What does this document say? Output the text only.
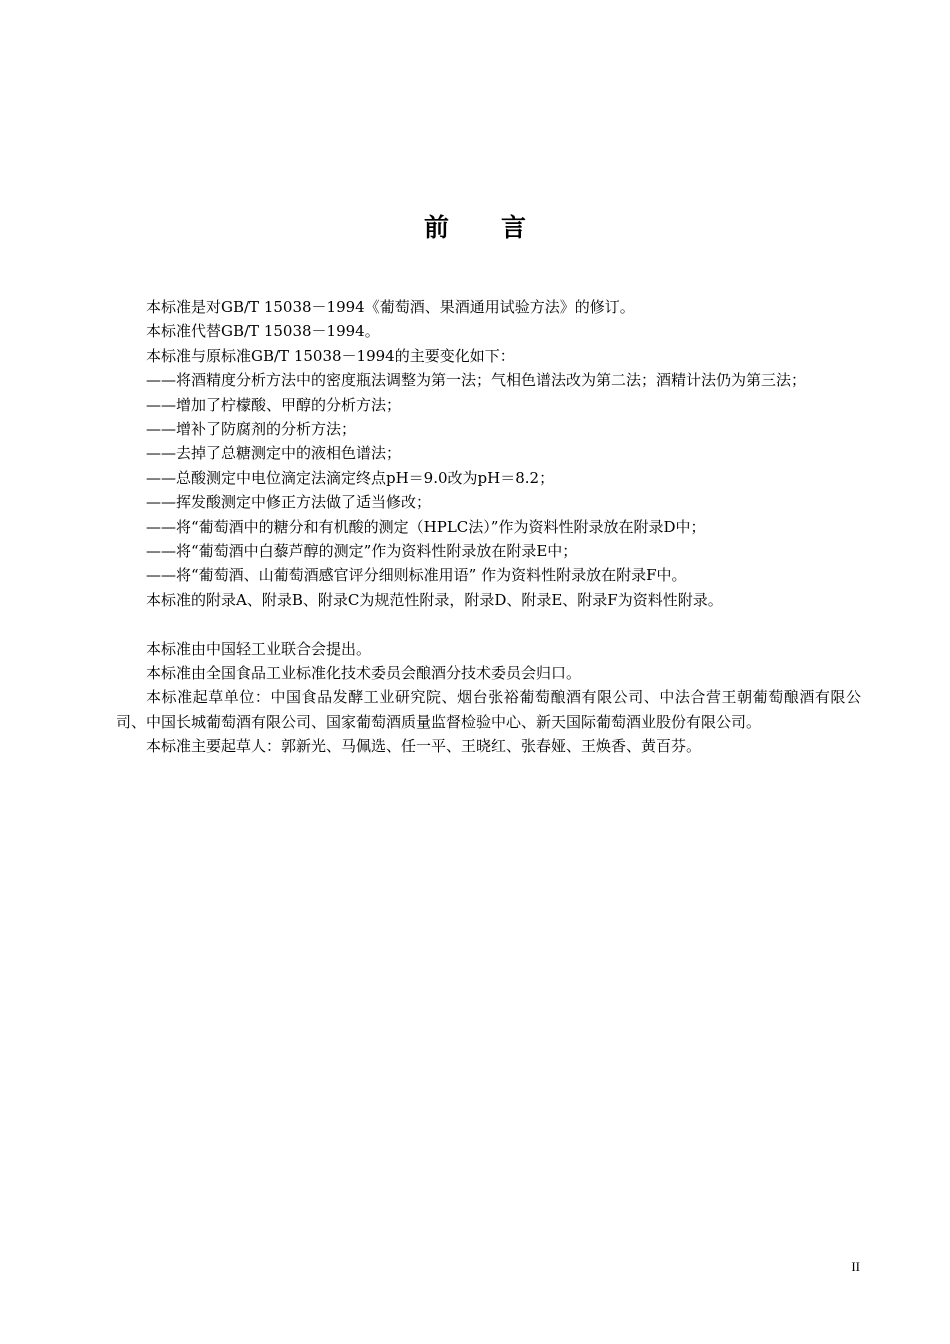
前 言

本标准是对GB/T 15038－1994《葡萄酒、果酒通用试验方法》的修订。

本标准代替GB/T 15038－1994。

本标准与原标准GB/T 15038－1994的主要变化如下：

——将酒精度分析方法中的密度瓶法调整为第一法；气相色谱法改为第二法；酒精计法仍为第三法；

——增加了柠檬酸、甲醇的分析方法；

——增补了防腐剂的分析方法；

——去掉了总糖测定中的液相色谱法；

——总酸测定中电位滴定法滴定终点pH＝9.0改为pH＝8.2；

——挥发酸测定中修正方法做了适当修改；

——将“葡萄酒中的糖分和有机酸的测定（HPLC法）”作为资料性附录放在附录D中；

——将“葡萄酒中白藜芦醇的测定”作为资料性附录放在附录E中；

——将“葡萄酒、山葡萄酒感官评分细则标准用语” 作为资料性附录放在附录F中。

本标准的附录A、附录B、附录C为规范性附录，附录D、附录E、附录F为资料性附录。

本标准由中国轻工业联合会提出。

本标准由全国食品工业标准化技术委员会酿酒分技术委员会归口。

本标准起草单位：中国食品发酵工业研究院、烟台张裕葡萄酿酒有限公司、中法合营王朝葡萄酿酒有限公司、中国长城葡萄酒有限公司、国家葡萄酒质量监督检验中心、新天国际葡萄酒业股份有限公司。

本标准主要起草人：郭新光、马佩选、任一平、王晓红、张春娅、王焕香、黄百芬。

II
